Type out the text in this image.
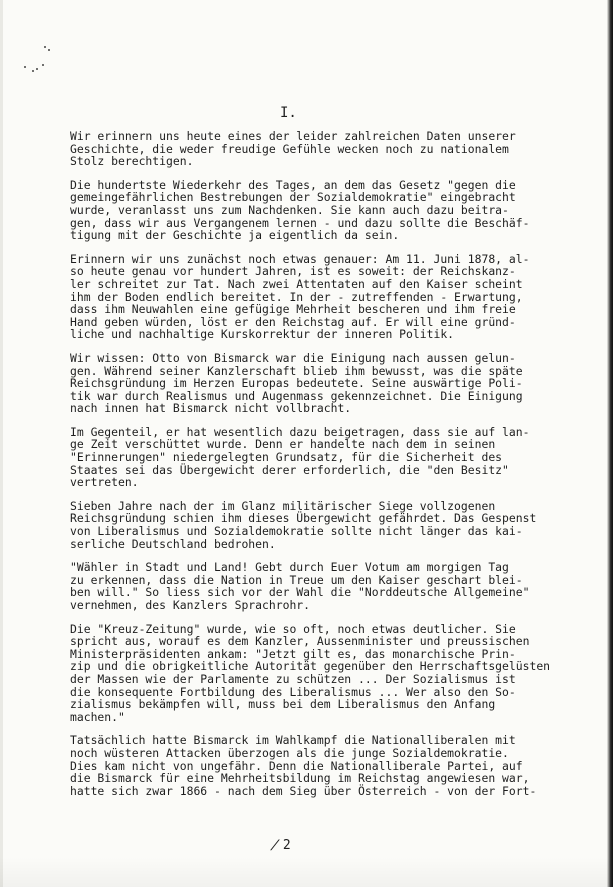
I.
Wir erinnern uns heute eines der leider zahlreichen Daten unserer
Geschichte, die weder freudige Gefühle wecken noch zu nationalem
Stolz berechtigen.
Die hundertste Wiederkehr des Tages, an dem das Gesetz "gegen die
gemeingefährlichen Bestrebungen der Sozialdemokratie" eingebracht
wurde, veranlasst uns zum Nachdenken. Sie kann auch dazu beitra-
gen, dass wir aus Vergangenem lernen - und dazu sollte die Beschäf-
tigung mit der Geschichte ja eigentlich da sein.
Erinnern wir uns zunächst noch etwas genauer: Am 11. Juni 1878, al-
so heute genau vor hundert Jahren, ist es soweit: der Reichskanz-
ler schreitet zur Tat. Nach zwei Attentaten auf den Kaiser scheint
ihm der Boden endlich bereitet. In der - zutreffenden - Erwartung,
dass ihm Neuwahlen eine gefügige Mehrheit bescheren und ihm freie
Hand geben würden, löst er den Reichstag auf. Er will eine gründ-
liche und nachhaltige Kurskorrektur der inneren Politik.
Wir wissen: Otto von Bismarck war die Einigung nach aussen gelun-
gen. Während seiner Kanzlerschaft blieb ihm bewusst, was die späte
Reichsgründung im Herzen Europas bedeutete. Seine auswärtige Poli-
tik war durch Realismus und Augenmass gekennzeichnet. Die Einigung
nach innen hat Bismarck nicht vollbracht.
Im Gegenteil, er hat wesentlich dazu beigetragen, dass sie auf lan-
ge Zeit verschüttet wurde. Denn er handelte nach dem in seinen
"Erinnerungen" niedergelegten Grundsatz, für die Sicherheit des
Staates sei das Übergewicht derer erforderlich, die "den Besitz"
vertreten.
Sieben Jahre nach der im Glanz militärischer Siege vollzogenen
Reichsgründung schien ihm dieses Übergewicht gefährdet. Das Gespenst
von Liberalismus und Sozialdemokratie sollte nicht länger das kai-
serliche Deutschland bedrohen.
"Wähler in Stadt und Land! Gebt durch Euer Votum am morgigen Tag
zu erkennen, dass die Nation in Treue um den Kaiser geschart blei-
ben will." So liess sich vor der Wahl die "Norddeutsche Allgemeine"
vernehmen, des Kanzlers Sprachrohr.
Die "Kreuz-Zeitung" wurde, wie so oft, noch etwas deutlicher. Sie
spricht aus, worauf es dem Kanzler, Aussenminister und preussischen
Ministerpräsidenten ankam: "Jetzt gilt es, das monarchische Prin-
zip und die obrigkeitliche Autorität gegenüber den Herrschaftsgelüsten
der Massen wie der Parlamente zu schützen ... Der Sozialismus ist
die konsequente Fortbildung des Liberalismus ... Wer also den So-
zialismus bekämpfen will, muss bei dem Liberalismus den Anfang
machen."
Tatsächlich hatte Bismarck im Wahlkampf die Nationalliberalen mit
noch wüsteren Attacken überzogen als die junge Sozialdemokratie.
Dies kam nicht von ungefähr. Denn die Nationalliberale Partei, auf
die Bismarck für eine Mehrheitsbildung im Reichstag angewiesen war,
hatte sich zwar 1866 - nach dem Sieg über Österreich - von der Fort-
/ 2
